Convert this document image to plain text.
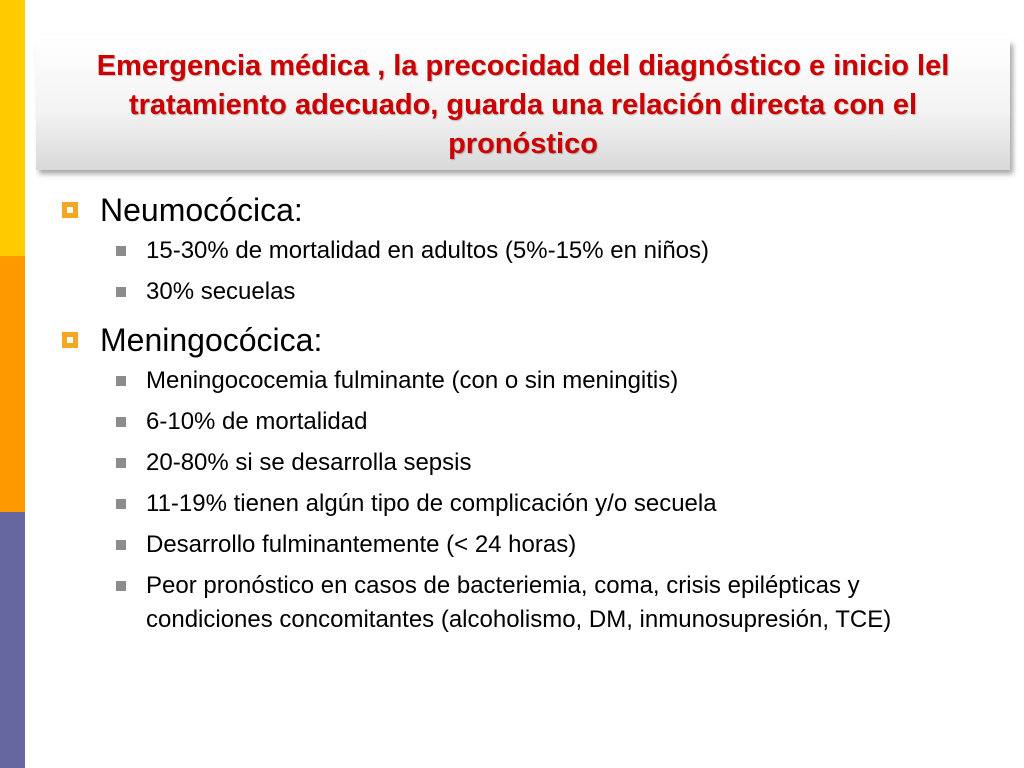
Emergencia médica , la precocidad del diagnóstico e inicio lel tratamiento adecuado, guarda una relación directa con el pronóstico
Neumocócica:
15-30% de mortalidad en adultos (5%-15% en niños)
30% secuelas
Meningocócica:
Meningococemia fulminante (con o sin meningitis)
6-10% de mortalidad
20-80% si se desarrolla sepsis
11-19% tienen algún tipo de complicación y/o secuela
Desarrollo fulminantemente (< 24 horas)
Peor pronóstico en casos de bacteriemia, coma, crisis epilépticas y condiciones concomitantes (alcoholismo, DM, inmunosupresión, TCE)
